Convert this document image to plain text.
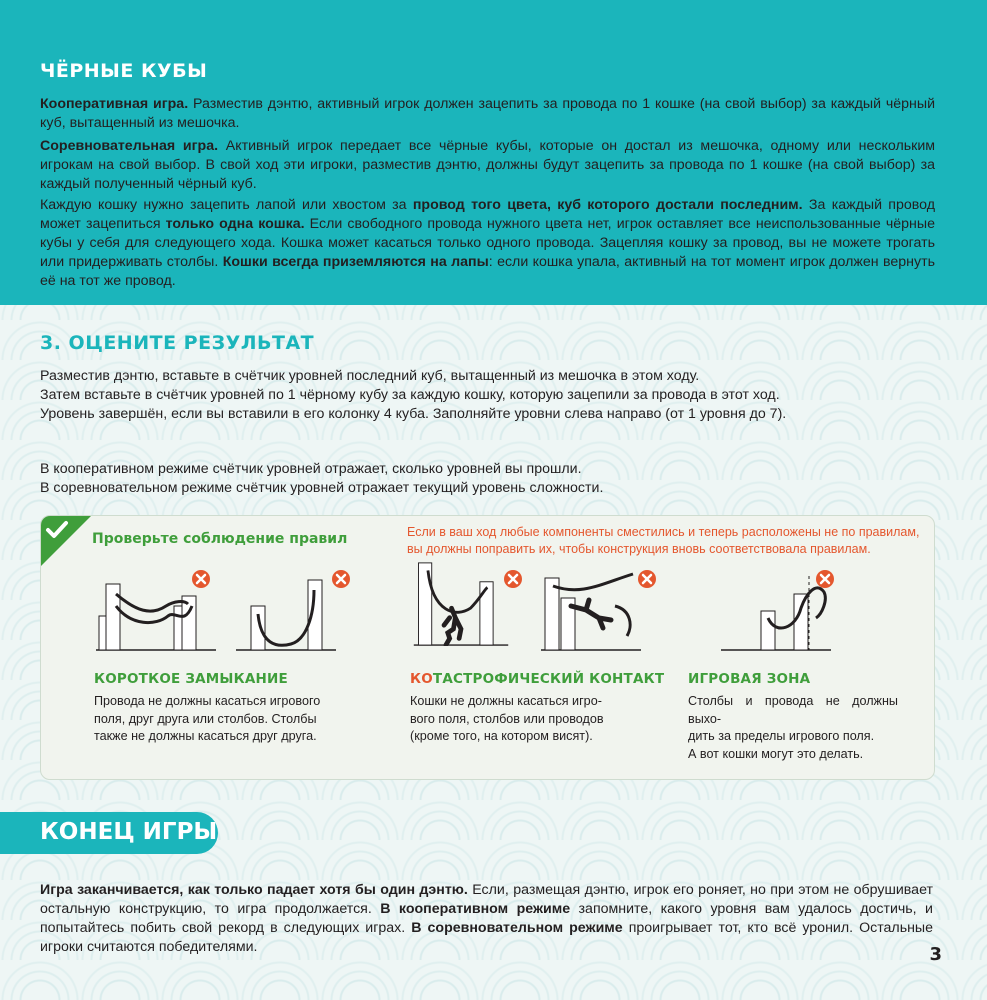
ЧЁРНЫЕ КУБЫ

Кооперативная игра. Разместив дэнтю, активный игрок должен зацепить за провода по 1 кошке (на свой выбор) за каждый чёрный куб, вытащенный из мешочка.

Соревновательная игра. Активный игрок передает все чёрные кубы, которые он достал из мешочка, одному или нескольким игрокам на свой выбор. В свой ход эти игроки, разместив дэнтю, должны будут зацепить за провода по 1 кошке (на свой выбор) за каждый полученный чёрный куб.

Каждую кошку нужно зацепить лапой или хвостом за провод того цвета, куб которого достали последним. За каждый провод может зацепиться только одна кошка. Если свободного провода нужного цвета нет, игрок оставляет все неиспользованные чёрные кубы у себя для следующего хода. Кошка может касаться только одного провода. Зацепляя кошку за провод, вы не можете трогать или придерживать столбы. Кошки всегда приземляются на лапы: если кошка упала, активный на тот момент игрок должен вернуть её на тот же провод.

3. ОЦЕНИТЕ РЕЗУЛЬТАТ

Разместив дэнтю, вставьте в счётчик уровней последний куб, вытащенный из мешочка в этом ходу.

Затем вставьте в счётчик уровней по 1 чёрному кубу за каждую кошку, которую зацепили за провода в этот ход.

Уровень завершён, если вы вставили в его колонку 4 куба. Заполняйте уровни слева направо (от 1 уровня до 7).

В кооперативном режиме счётчик уровней отражает, сколько уровней вы прошли.

В соревновательном режиме счётчик уровней отражает текущий уровень сложности.

Проверьте соблюдение правил	Если в ваш ход любые компоненты сместились и теперь расположены не по правилам,
вы должны поправить их, чтобы конструкция вновь соответствовала правилам.

КОРОТКОЕ ЗАМЫКАНИЕ

Провода не должны касаться игрового
поля, друг друга или столбов. Столбы
также не должны касаться друг друга.

КОТАСТРОФИЧЕСКИЙ КОНТАКТ

Кошки не должны касаться игро-
вого поля, столбов или проводов
(кроме того, на котором висят).

ИГРОВАЯ ЗОНА

Столбы и провода не должны выхо-
дить за пределы игрового поля.
А вот кошки могут это делать.

КОНЕЦ ИГРЫ

Игра заканчивается, как только падает хотя бы один дэнтю. Если, размещая дэнтю, игрок его роняет, но при этом не обрушивает остальную конструкцию, то игра продолжается. В кооперативном режиме запомните, какого уровня вам удалось достичь, и попытайтесь побить свой рекорд в следующих играх. В соревновательном режиме проигрывает тот, кто всё уронил. Остальные игроки считаются победителями.	3
